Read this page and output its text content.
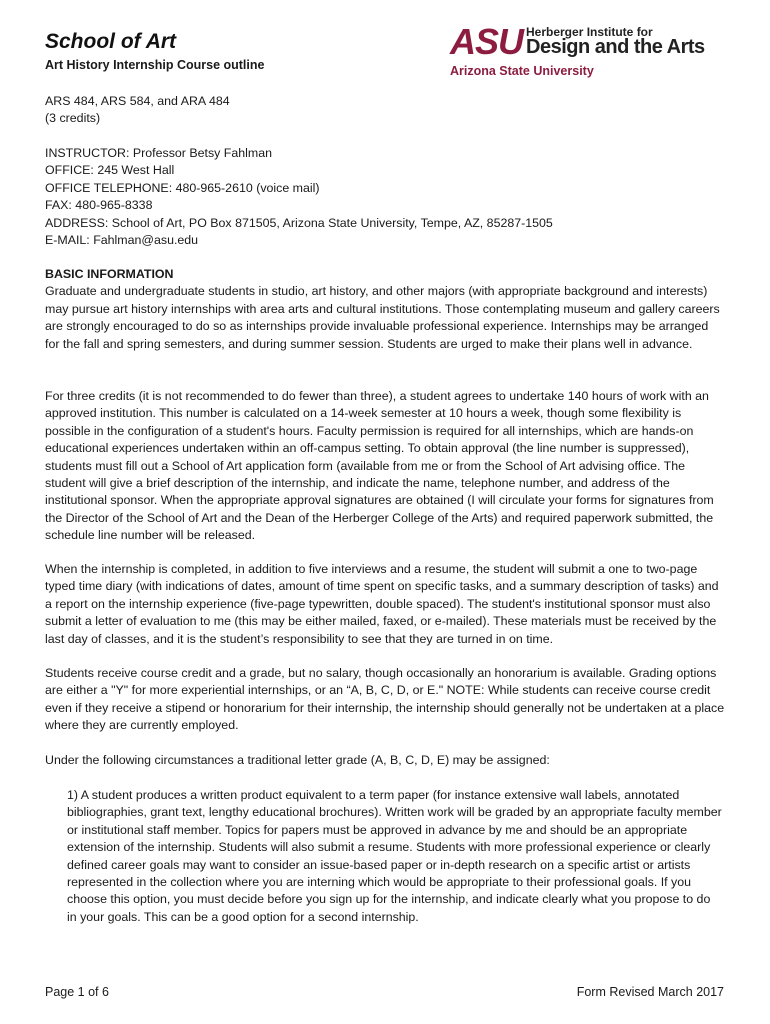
School of Art
Art History Internship Course outline
ASU Herberger Institute for
Design and the Arts
Arizona State University

ARS 484, ARS 584, and ARA 484

(3 credits)

INSTRUCTOR: Professor Betsy Fahlman

OFFICE: 245 West Hall

OFFICE TELEPHONE: 480-965-2610 (voice mail)

FAX: 480-965-8338

ADDRESS: School of Art, PO Box 871505, Arizona State University, Tempe, AZ, 85287-1505

E-MAIL: Fahlman@asu.edu

BASIC INFORMATION

Graduate and undergraduate students in studio, art history, and other majors (with appropriate background and interests) may pursue art history internships with area arts and cultural institutions. Those contemplating museum and gallery careers are strongly encouraged to do so as internships provide invaluable professional experience. Internships may be arranged for the fall and spring semesters, and during summer session. Students are urged to make their plans well in advance.

For three credits (it is not recommended to do fewer than three), a student agrees to undertake 140 hours of work with an approved institution. This number is calculated on a 14-week semester at 10 hours a week, though some flexibility is possible in the configuration of a student's hours. Faculty permission is required for all internships, which are hands-on educational experiences undertaken within an off-campus setting. To obtain approval (the line number is suppressed), students must fill out a School of Art application form (available from me or from the School of Art advising office. The student will give a brief description of the internship, and indicate the name, telephone number, and address of the institutional sponsor. When the appropriate approval signatures are obtained (I will circulate your forms for signatures from the Director of the School of Art and the Dean of the Herberger College of the Arts) and required paperwork submitted, the schedule line number will be released.
When the internship is completed, in addition to five interviews and a resume, the student will submit a one to two-page typed time diary (with indications of dates, amount of time spent on specific tasks, and a summary description of tasks) and a report on the internship experience (five-page typewritten, double spaced). The student's institutional sponsor must also submit a letter of evaluation to me (this may be either mailed, faxed, or e-mailed). These materials must be received by the last day of classes, and it is the student’s responsibility to see that they are turned in on time.
Students receive course credit and a grade, but no salary, though occasionally an honorarium is available. Grading options are either a "Y" for more experiential internships, or an “A, B, C, D, or E." NOTE: While students can receive course credit even if they receive a stipend or honorarium for their internship, the internship should generally not be undertaken at a place where they are currently employed.
Under the following circumstances a traditional letter grade (A, B, C, D, E) may be assigned:
1) A student produces a written product equivalent to a term paper (for instance extensive wall labels, annotated bibliographies, grant text, lengthy educational brochures). Written work will be graded by an appropriate faculty member or institutional staff member. Topics for papers must be approved in advance by me and should be an appropriate extension of the internship. Students will also submit a resume. Students with more professional experience or clearly defined career goals may want to consider an issue-based paper or in-depth research on a specific artist or artists represented in the collection where you are interning which would be appropriate to their professional goals. If you choose this option, you must decide before you sign up for the internship, and indicate clearly what you propose to do in your goals. This can be a good option for a second internship.
Page 1 of 6	Form Revised March 2017
